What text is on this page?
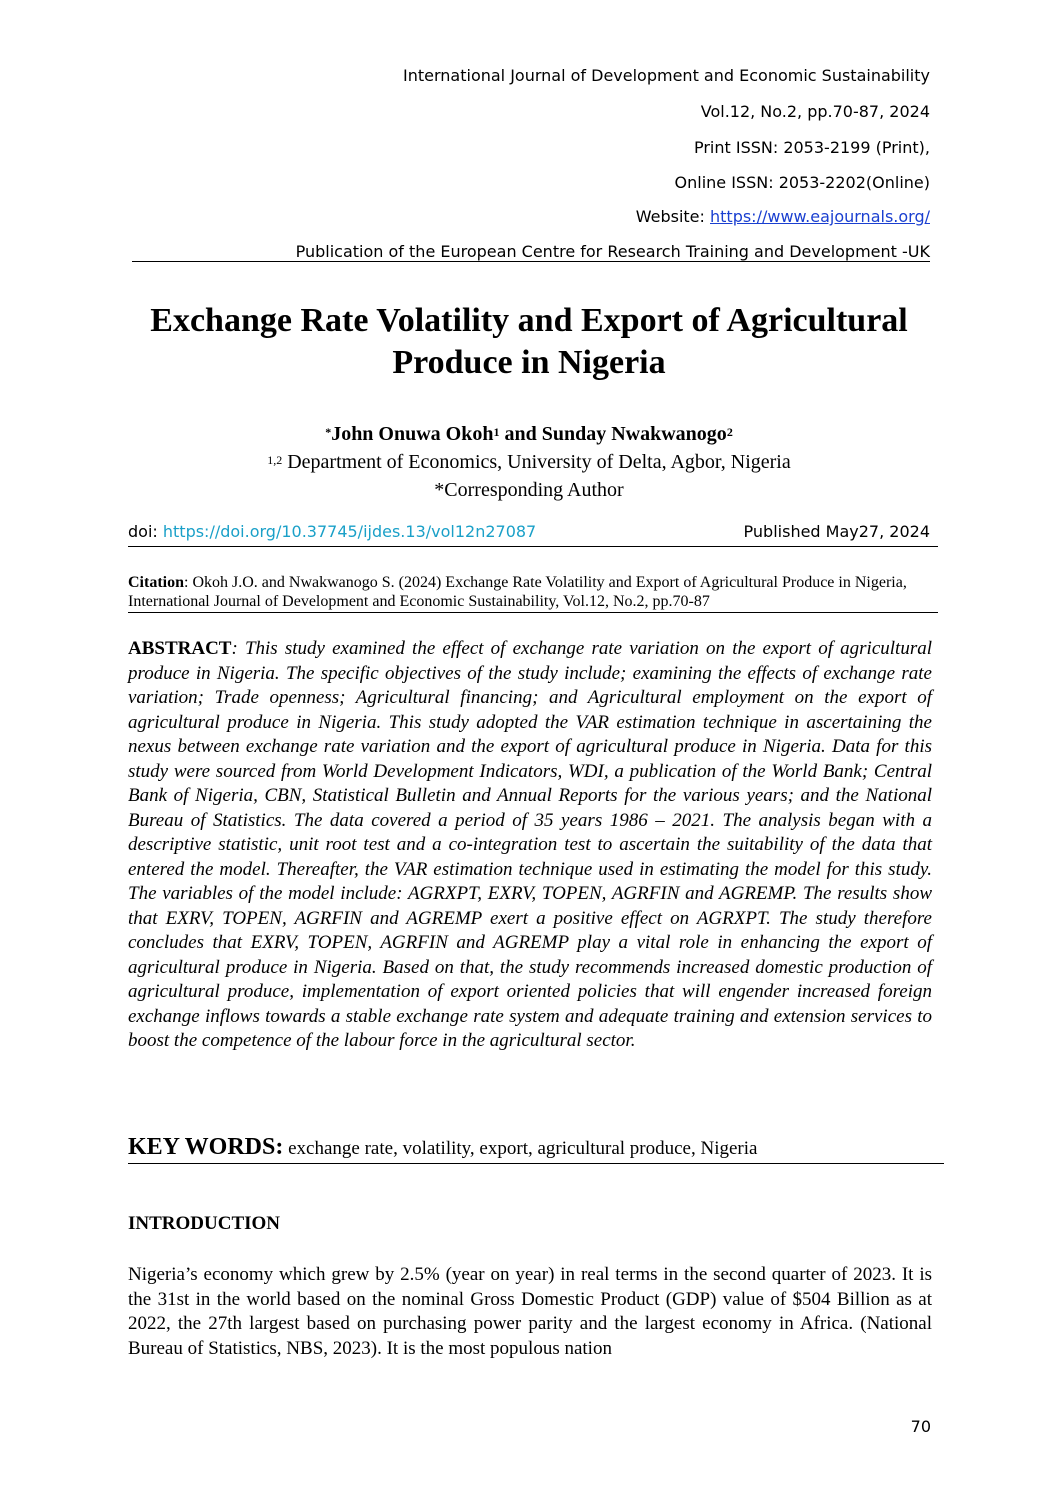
International Journal of Development and Economic Sustainability
Vol.12, No.2, pp.70-87, 2024
Print ISSN: 2053-2199 (Print),
Online ISSN: 2053-2202(Online)
Website: https://www.eajournals.org/
Publication of the European Centre for Research Training and Development -UK
Exchange Rate Volatility and Export of Agricultural
Produce in Nigeria
*John Onuwa Okoh$^1$ and Sunday Nwakwanogo$^2$
$^{1,2}$ Department of Economics, University of Delta, Agbor, Nigeria
*Corresponding Author
doi: https://doi.org/10.37745/ijdes.13/vol12n27087	Published May27, 2024
Citation: Okoh J.O. and Nwakwanogo S. (2024) Exchange Rate Volatility and Export of Agricultural Produce in Nigeria, International Journal of Development and Economic Sustainability, Vol.12, No.2, pp.70-87
ABSTRACT: This study examined the effect of exchange rate variation on the export of agricultural produce in Nigeria. The specific objectives of the study include; examining the effects of exchange rate variation; Trade openness; Agricultural financing; and Agricultural employment on the export of agricultural produce in Nigeria. This study adopted the VAR estimation technique in ascertaining the nexus between exchange rate variation and the export of agricultural produce in Nigeria. Data for this study were sourced from World Development Indicators, WDI, a publication of the World Bank; Central Bank of Nigeria, CBN, Statistical Bulletin and Annual Reports for the various years; and the National Bureau of Statistics. The data covered a period of 35 years 1986 – 2021. The analysis began with a descriptive statistic, unit root test and a co-integration test to ascertain the suitability of the data that entered the model. Thereafter, the VAR estimation technique used in estimating the model for this study. The variables of the model include: AGRXPT, EXRV, TOPEN, AGRFIN and AGREMP. The results show that EXRV, TOPEN, AGRFIN and AGREMP exert a positive effect on AGRXPT. The study therefore concludes that EXRV, TOPEN, AGRFIN and AGREMP play a vital role in enhancing the export of agricultural produce in Nigeria. Based on that, the study recommends increased domestic production of agricultural produce, implementation of export oriented policies that will engender increased foreign exchange inflows towards a stable exchange rate system and adequate training and extension services to boost the competence of the labour force in the agricultural sector.
KEY WORDS: exchange rate, volatility, export, agricultural produce, Nigeria
INTRODUCTION
Nigeria’s economy which grew by 2.5% (year on year) in real terms in the second quarter of 2023. It is the 31st in the world based on the nominal Gross Domestic Product (GDP) value of $504 Billion as at 2022, the 27th largest based on purchasing power parity and the largest economy in Africa. (National Bureau of Statistics, NBS, 2023). It is the most populous nation
70
